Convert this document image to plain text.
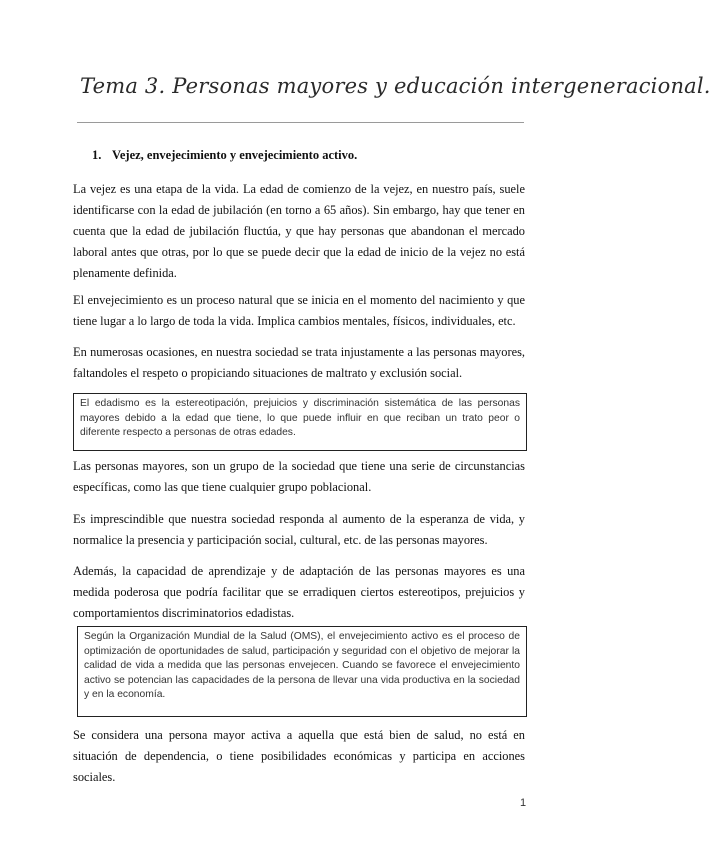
Tema 3. Personas mayores y educación intergeneracional.
1. Vejez, envejecimiento y envejecimiento activo.

La vejez es una etapa de la vida. La edad de comienzo de la vejez, en nuestro país, suele identificarse con la edad de jubilación (en torno a 65 años). Sin embargo, hay que tener en cuenta que la edad de jubilación fluctúa, y que hay personas que abandonan el mercado laboral antes que otras, por lo que se puede decir que la edad de inicio de la vejez no está plenamente definida.

El envejecimiento es un proceso natural que se inicia en el momento del nacimiento y que tiene lugar a lo largo de toda la vida. Implica cambios mentales, físicos, individuales, etc.

En numerosas ocasiones, en nuestra sociedad se trata injustamente a las personas mayores, faltandoles el respeto o propiciando situaciones de maltrato y exclusión social.

El edadismo es la estereotipación, prejuicios y discriminación sistemática de las personas mayores debido a la edad que tiene, lo que puede influir en que reciban un trato peor o diferente respecto a personas de otras edades.

Las personas mayores, son un grupo de la sociedad que tiene una serie de circunstancias específicas, como las que tiene cualquier grupo poblacional.

Es imprescindible que nuestra sociedad responda al aumento de la esperanza de vida, y normalice la presencia y participación social, cultural, etc. de las personas mayores.

Además, la capacidad de aprendizaje y de adaptación de las personas mayores es una medida poderosa que podría facilitar que se erradiquen ciertos estereotipos, prejuicios y comportamientos discriminatorios edadistas.

Según la Organización Mundial de la Salud (OMS), el envejecimiento activo es el proceso de optimización de oportunidades de salud, participación y seguridad con el objetivo de mejorar la calidad de vida a medida que las personas envejecen. Cuando se favorece el envejecimiento activo se potencian las capacidades de la persona de llevar una vida productiva en la sociedad y en la economía.

Se considera una persona mayor activa a aquella que está bien de salud, no está en situación de dependencia, o tiene posibilidades económicas y participa en acciones sociales.

1
